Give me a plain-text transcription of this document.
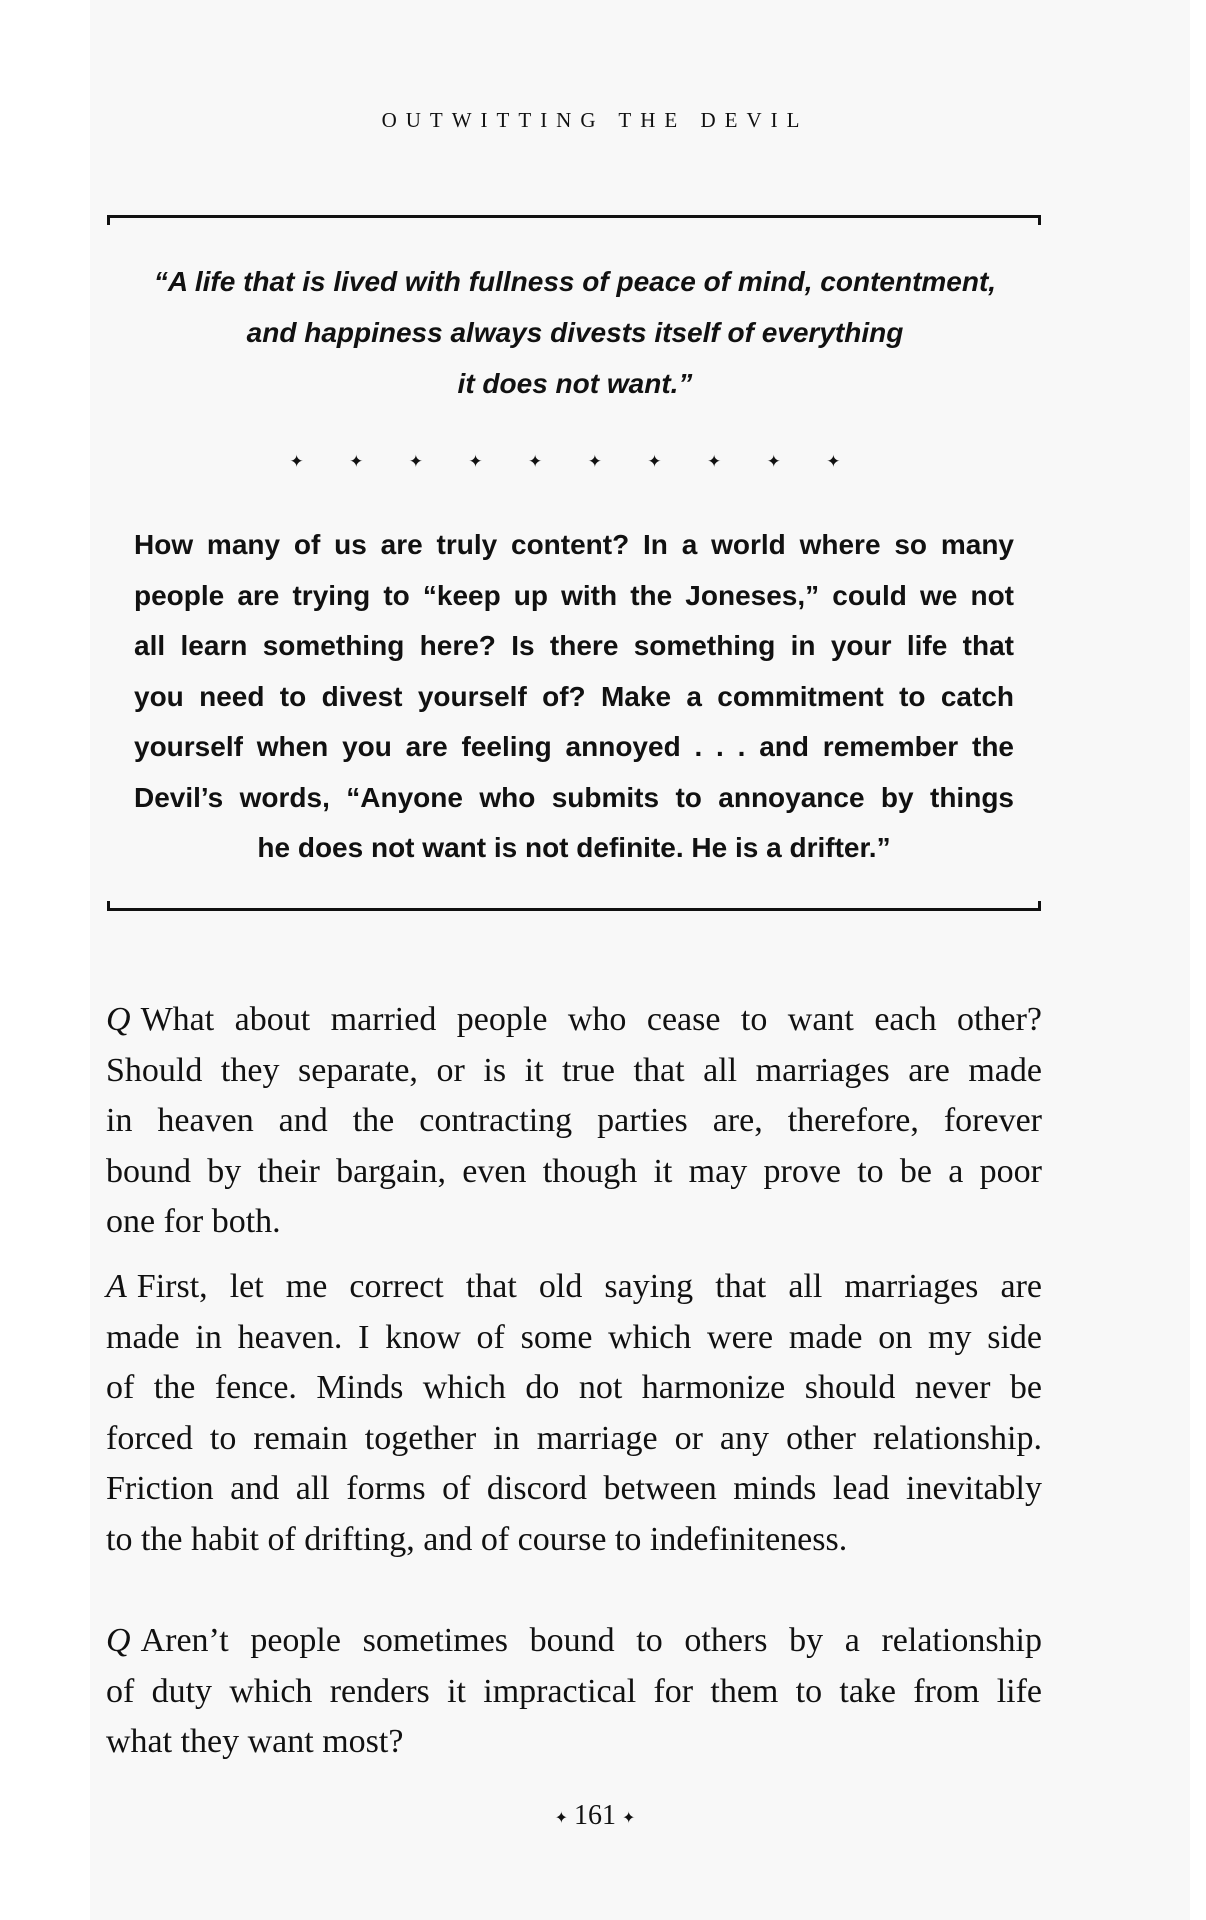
OUTWITTING THE DEVIL
“A life that is lived with fullness of peace of mind, contentment,
and happiness always divests itself of everything
it does not want.”
✦ ✦ ✦ ✦ ✦ ✦ ✦ ✦ ✦ ✦
How many of us are truly content? In a world where so many
people are trying to “keep up with the Joneses,” could we not
all learn something here? Is there something in your life that
you need to divest yourself of? Make a commitment to catch
yourself when you are feeling annoyed . . . and remember the
Devil’s words, “Anyone who submits to annoyance by things
he does not want is not definite. He is a drifter.”
Q What about married people who cease to want each other?
Should they separate, or is it true that all marriages are made
in heaven and the contracting parties are, therefore, forever
bound by their bargain, even though it may prove to be a poor
one for both.
A First, let me correct that old saying that all marriages are
made in heaven. I know of some which were made on my side
of the fence. Minds which do not harmonize should never be
forced to remain together in marriage or any other relationship.
Friction and all forms of discord between minds lead inevitably
to the habit of drifting, and of course to indefiniteness.
Q Aren’t people sometimes bound to others by a relationship
of duty which renders it impractical for them to take from life
what they want most?
✦ 161 ✦
